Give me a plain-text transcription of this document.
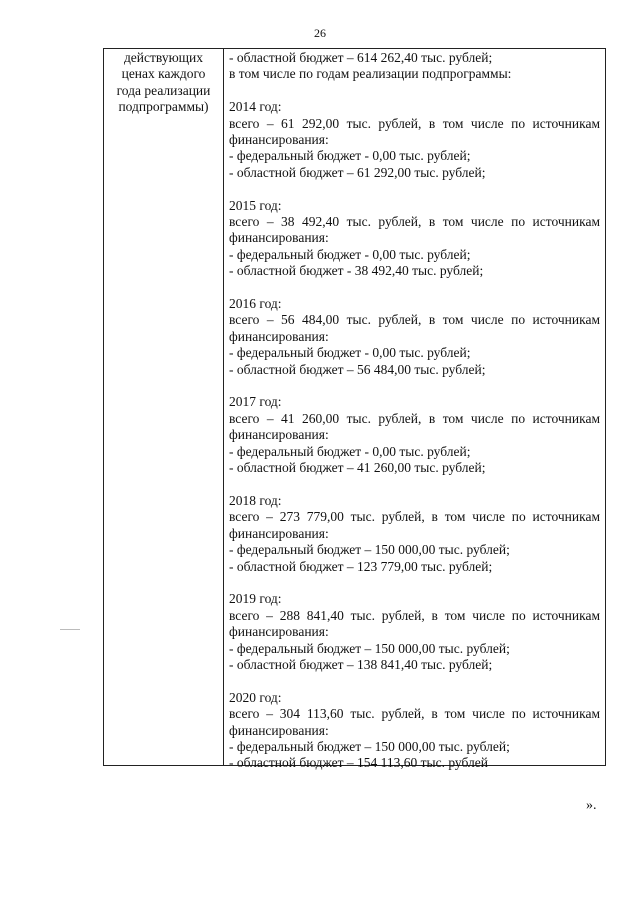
26
действующих
ценах каждого
года реализации
подпрограммы)
- областной бюджет – 614 262,40 тыс. рублей;
в том числе по годам реализации подпрограммы:
2014 год:
всего – 61 292,00 тыс. рублей, в том числе по источникам
финансирования:
- федеральный бюджет - 0,00 тыс. рублей;
- областной бюджет – 61 292,00 тыс. рублей;
2015 год:
всего – 38 492,40 тыс. рублей, в том числе по источникам
финансирования:
- федеральный бюджет - 0,00 тыс. рублей;
- областной бюджет - 38 492,40 тыс. рублей;
2016 год:
всего – 56 484,00 тыс. рублей, в том числе по источникам
финансирования:
- федеральный бюджет - 0,00 тыс. рублей;
- областной бюджет – 56 484,00 тыс. рублей;
2017 год:
всего – 41 260,00 тыс. рублей, в том числе по источникам
финансирования:
- федеральный бюджет - 0,00 тыс. рублей;
- областной бюджет – 41 260,00 тыс. рублей;
2018 год:
всего – 273 779,00 тыс. рублей, в том числе по источникам
финансирования:
- федеральный бюджет – 150 000,00 тыс. рублей;
- областной бюджет – 123 779,00 тыс. рублей;
2019 год:
всего – 288 841,40 тыс. рублей, в том числе по источникам
финансирования:
- федеральный бюджет – 150 000,00 тыс. рублей;
- областной бюджет – 138 841,40 тыс. рублей;
2020 год:
всего – 304 113,60 тыс. рублей, в том числе по источникам
финансирования:
- федеральный бюджет – 150 000,00 тыс. рублей;
- областной бюджет – 154 113,60 тыс. рублей
».
